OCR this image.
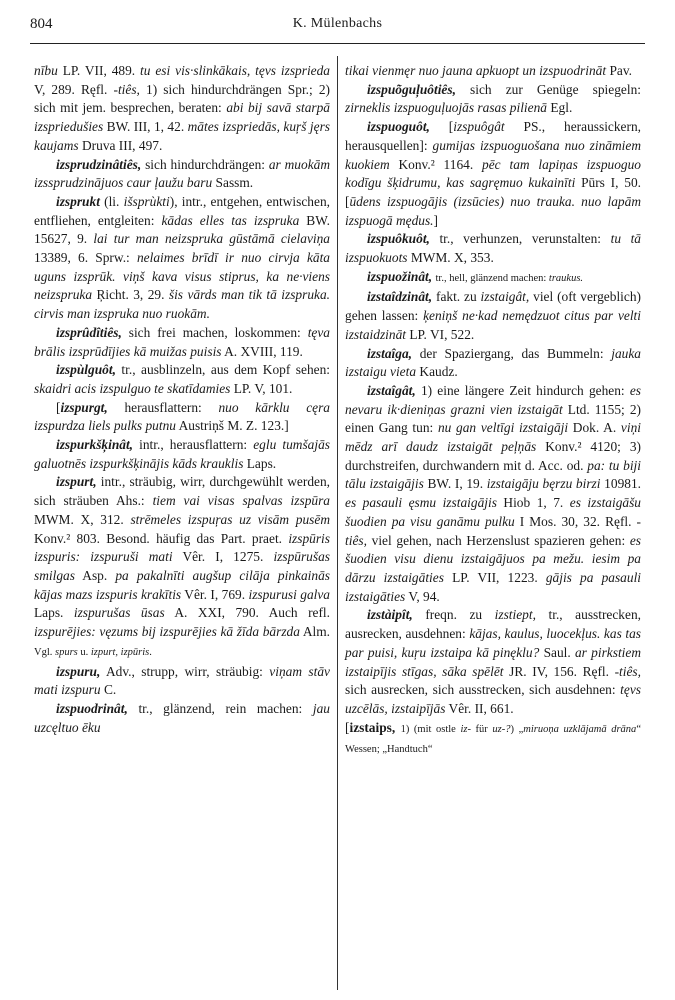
804	K. Mülenbachs

nību LP. VII, 489. tu esi vis·slinkākais, tęvs izsprieda V, 289. Ręfl. -tiês, 1) sich hindurchdrängen Spr.; 2) sich mit jem. besprechen, beraten: abi bij savā starpā izspriedušies BW. III, 1, 42. mātes izspriedās, kuŗš jęrs kaujams Druva III, 497.

izsprudzinâtiês, sich hindurchdrängen: ar muokām izssprudzinājuos caur ļaužu baru Sassm.

izsprukt (li. išsprùkti), intr., entgehen, entwischen, entfliehen, entgleiten: kādas elles tas izspruka BW. 15627, 9. lai tur man neizspruka gūstāmā cielaviņa 13389, 6. Sprw.: nelaimes brīdī ir nuo cirvja kāta uguns izsprūk. viņš kava visus stiprus, ka ne·viens neizspruka Ŗicht. 3, 29. šis vārds man tik tā izspruka. cirvis man izspruka nuo ruokām.

izsprûdîtiês, sich frei machen, loskommen: tęva brālis izsprūdījies kā muižas puisis A. XVIII, 119.

izspùlguôt, tr., ausblinzeln, aus dem Kopf sehen: skaidri acis izspulguo te skatīdamies LP. V, 101.

[izspurgt, herausflattern: nuo kārklu cęra izspurdza liels pulks putnu Austriņš M. Z. 123.]

izspurkšķinât, intr., herausflattern: eglu tumšajās galuotnēs izspurkšķinājis kāds krauklis Laps.

izspurt, intr., sträubig, wirr, durchgewühlt werden, sich sträuben Ahs.: tiem vai visas spalvas izspūra MWM. X, 312. strēmeles izspuŗas uz visām pusēm Konv.² 803. Besond. häufig das Part. praet. izspūris izspuris: izspuruši mati Vêr. I, 1275. izspūrušas smilgas Asp. pa pakalnīti augšup cilāja pinkainās kājas mazs izspuris krakītis Vêr. I, 769. izspurusi galva Laps. izspurušas ūsas A. XXI, 790. Auch refl. izspurējies: vęzums bij izspurējies kā žīda bārzda Alm. Vgl. spurs u. izpurt, izpūris.

izspuru, Adv., strupp, wirr, sträubig: viņam stāv mati izspuru C.

izspuodrinât, tr., glänzend, rein machen: jau uzcęltuo ēku

tikai vienmęr nuo jauna apkuopt un izspuodrināt Pav.

izspuõguļuôtiês, sich zur Genüge spiegeln: zirneklis izspuoguļuojās rasas pilienā Egl.

izspuoguôt, [izspuôgât PS., heraussickern, herausquellen]: gumijas izspuoguošana nuo zināmiem kuokiem Konv.² 1164. pēc tam lapiņas izspuoguo kodīgu šķidrumu, kas sagręmuo kukainīti Pūrs I, 50. [ūdens izspuogājis (izsūcies) nuo trauka. nuo lapām izspuogā mędus.]

izspuôkuôt, tr., verhunzen, verunstalten: tu tā izspuokuots MWM. X, 353.

izspuožinât, tr., hell, glänzend machen: traukus.

izstaîdzinât, fakt. zu izstaigât, viel (oft vergeblich) gehen lassen: ķeniņš ne·kad nemędzuot citus par velti izstaidzināt LP. VI, 522.

izstaîga, der Spaziergang, das Bummeln: jauka izstaigu vieta Kaudz.

izstaîgât, 1) eine längere Zeit hindurch gehen: es nevaru ik·dieniņas grazni vien izstaigāt Ltd. 1155; 2) einen Gang tun: nu gan veltīgi izstaigāji Dok. A. viņi mēdz arī daudz izstaigāt peļņās Konv.² 4120; 3) durchstreifen, durchwandern mit d. Acc. od. pa: tu biji tālu izstaigājis BW. I, 19. izstaigāju bęrzu birzi 10981. es pasauli ęsmu izstaigājis Hiob 1, 7. es izstaigāšu šuodien pa visu ganāmu pulku I Mos. 30, 32. Ręfl. -tiês, viel gehen, nach Herzenslust spazieren gehen: es šuodien visu dienu izstaigājuos pa mežu. iesim pa dārzu izstaigāties LP. VII, 1223. gājis pa pasauli izstaigāties V, 94.

izstàipît, freqn. zu izstiept, tr., ausstrecken, ausrecken, ausdehnen: kājas, kaulus, luocekļus. kas tas par puisi, kuŗu izstaipa kā pinęklu? Saul. ar pirkstiem izstaipījis stīgas, sāka spēlēt JR. IV, 156. Ręfl. -tiês, sich ausrecken, sich ausstrecken, sich ausdehnen: tęvs uzcēlās, izstaipījās Vêr. II, 661.

[izstaips, 1) (mit ostle iz- für uz-?) „miruoņa uzklājamā drāna“ Wessen; „Handtuch“
